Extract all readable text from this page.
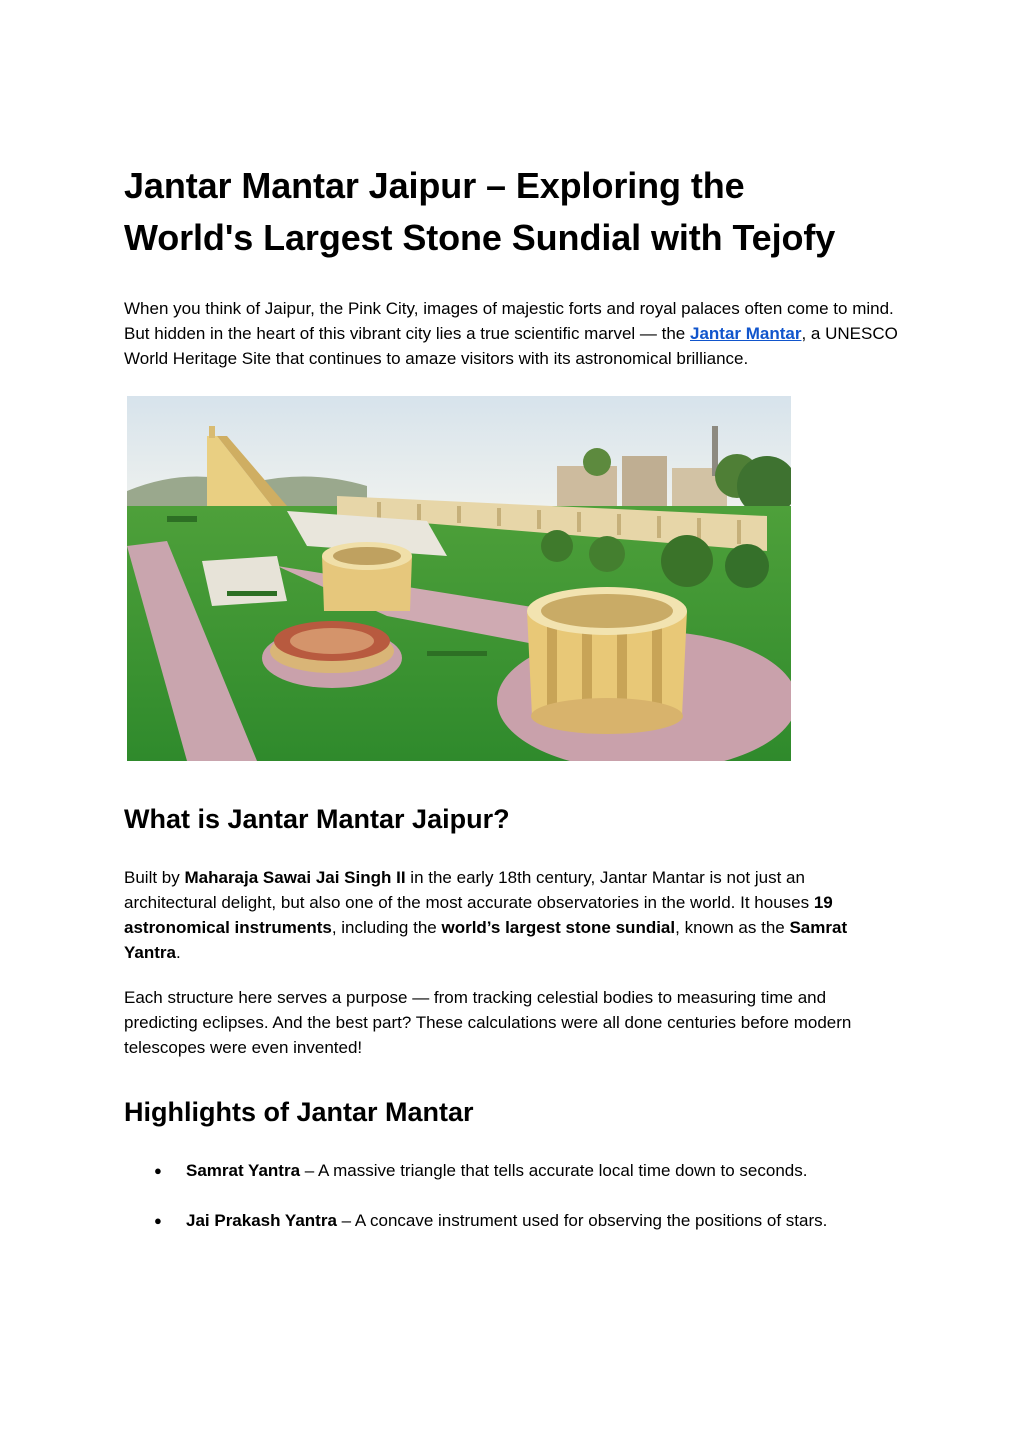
Jantar Mantar Jaipur – Exploring the
World's Largest Stone Sundial with Tejofy

When you think of Jaipur, the Pink City, images of majestic forts and royal palaces often come to mind. But hidden in the heart of this vibrant city lies a true scientific marvel — the Jantar Mantar, a UNESCO World Heritage Site that continues to amaze visitors with its astronomical brilliance.

What is Jantar Mantar Jaipur?

Built by Maharaja Sawai Jai Singh II in the early 18th century, Jantar Mantar is not just an architectural delight, but also one of the most accurate observatories in the world. It houses 19 astronomical instruments, including the world’s largest stone sundial, known as the Samrat Yantra.

Each structure here serves a purpose — from tracking celestial bodies to measuring time and predicting eclipses. And the best part? These calculations were all done centuries before modern telescopes were even invented!

Highlights of Jantar Mantar
● Samrat Yantra – A massive triangle that tells accurate local time down to seconds.
● Jai Prakash Yantra – A concave instrument used for observing the positions of stars.
